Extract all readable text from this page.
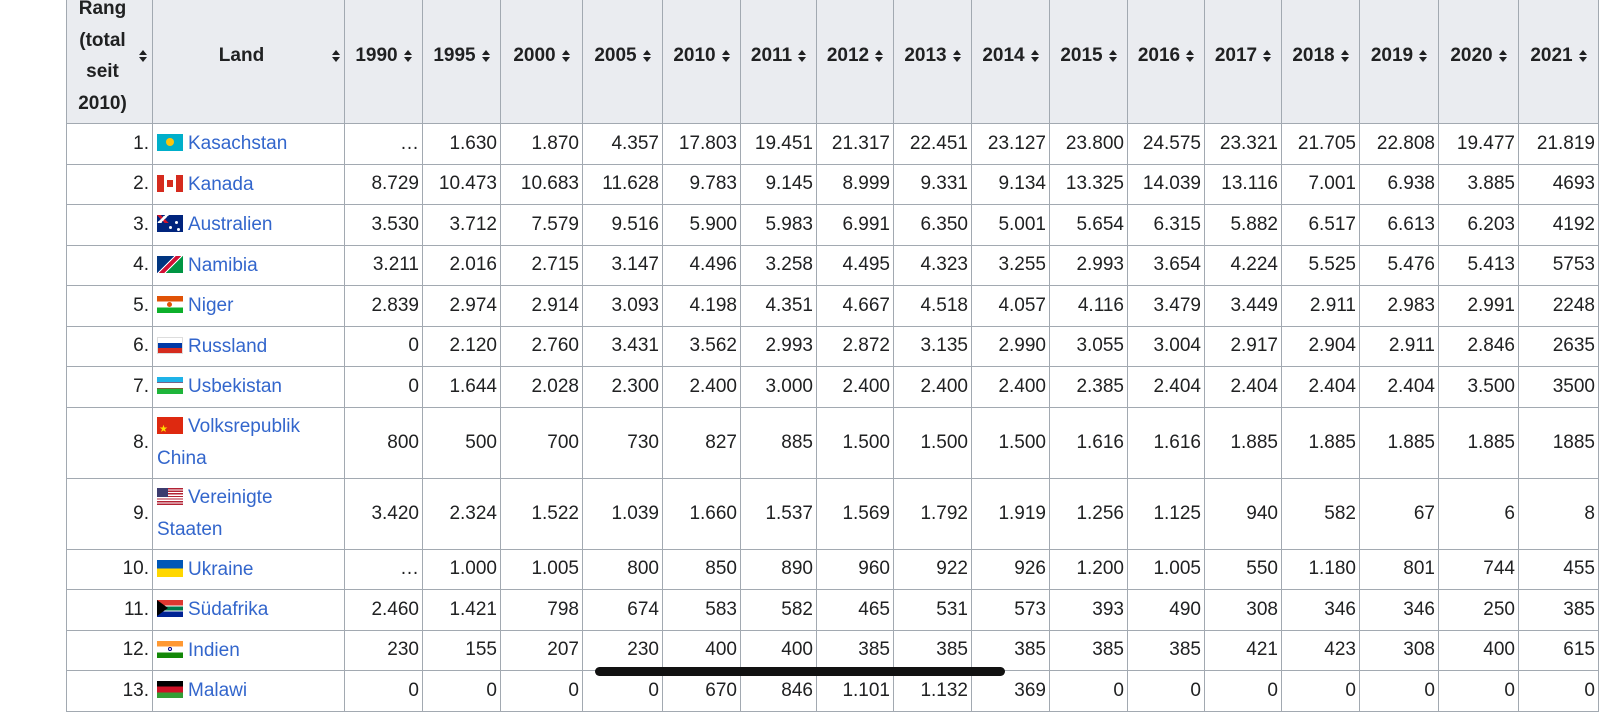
Rang
(total
seit
2010)	Land	1990	1995	2000	2005	2010	2011	2012	2013	2014	2015	2016	2017	2018	2019	2020	2021

1.	Kasachstan	…	1.630	1.870	4.357	17.803	19.451	21.317	22.451	23.127	23.800	24.575	23.321	21.705	22.808	19.477	21.819
2.	Kanada	8.729	10.473	10.683	11.628	9.783	9.145	8.999	9.331	9.134	13.325	14.039	13.116	7.001	6.938	3.885	4693
3.	Australien	3.530	3.712	7.579	9.516	5.900	5.983	6.991	6.350	5.001	5.654	6.315	5.882	6.517	6.613	6.203	4192
4.	Namibia	3.211	2.016	2.715	3.147	4.496	3.258	4.495	4.323	3.255	2.993	3.654	4.224	5.525	5.476	5.413	5753
5.	Niger	2.839	2.974	2.914	3.093	4.198	4.351	4.667	4.518	4.057	4.116	3.479	3.449	2.911	2.983	2.991	2248
6.	Russland	0	2.120	2.760	3.431	3.562	2.993	2.872	3.135	2.990	3.055	3.004	2.917	2.904	2.911	2.846	2635
7.	Usbekistan	0	1.644	2.028	2.300	2.400	3.000	2.400	2.400	2.400	2.385	2.404	2.404	2.404	2.404	3.500	3500
8.	★Volksrepublik China	800	500	700	730	827	885	1.500	1.500	1.500	1.616	1.616	1.885	1.885	1.885	1.885	1885
9.	Vereinigte Staaten	3.420	2.324	1.522	1.039	1.660	1.537	1.569	1.792	1.919	1.256	1.125	940	582	67	6	8
10.	Ukraine	…	1.000	1.005	800	850	890	960	922	926	1.200	1.005	550	1.180	801	744	455
11.	Südafrika	2.460	1.421	798	674	583	582	465	531	573	393	490	308	346	346	250	385
12.	Indien	230	155	207	230	400	400	385	385	385	385	385	421	423	308	400	615
13.	Malawi	0	0	0	0	670	846	1.101	1.132	369	0	0	0	0	0	0	0
